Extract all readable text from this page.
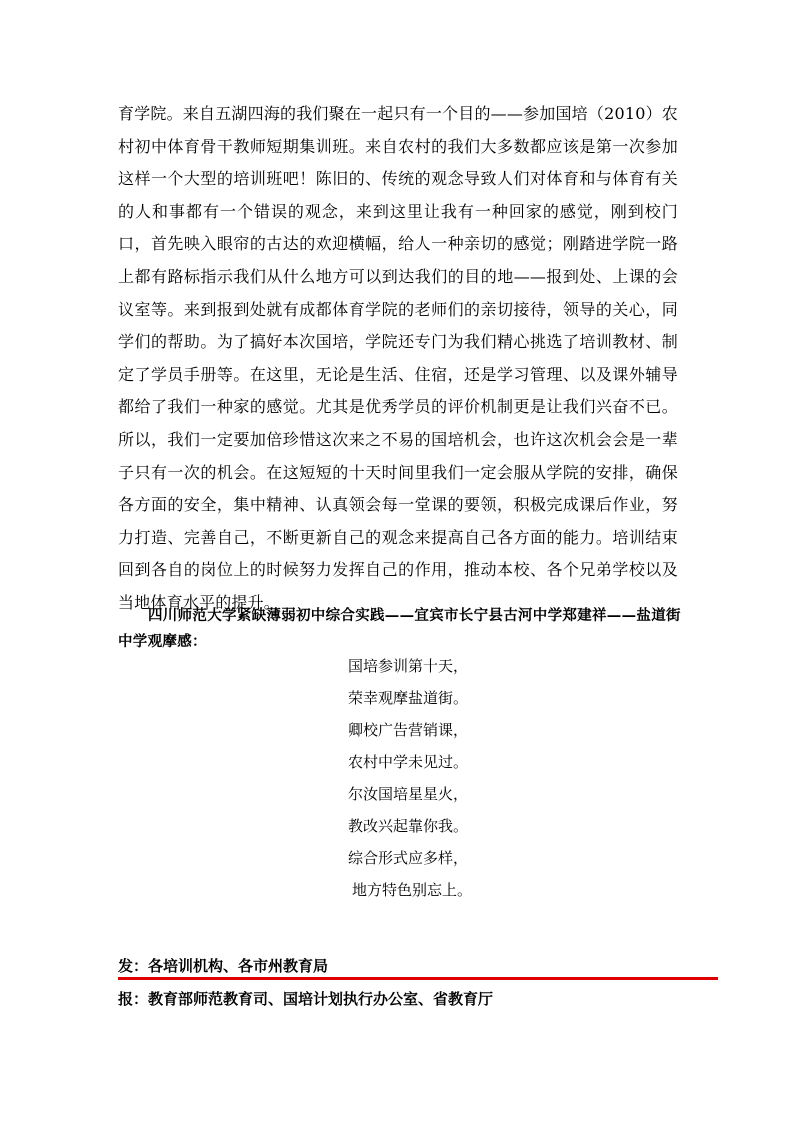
育学院。来自五湖四海的我们聚在一起只有一个目的——参加国培（2010）农村初中体育骨干教师短期集训班。来自农村的我们大多数都应该是第一次参加这样一个大型的培训班吧！陈旧的、传统的观念导致人们对体育和与体育有关的人和事都有一个错误的观念，来到这里让我有一种回家的感觉，刚到校门口，首先映入眼帘的古达的欢迎横幅，给人一种亲切的感觉；刚踏进学院一路上都有路标指示我们从什么地方可以到达我们的目的地——报到处、上课的会议室等。来到报到处就有成都体育学院的老师们的亲切接待，领导的关心，同学们的帮助。为了搞好本次国培，学院还专门为我们精心挑选了培训教材、制定了学员手册等。在这里，无论是生活、住宿，还是学习管理、以及课外辅导都给了我们一种家的感觉。尤其是优秀学员的评价机制更是让我们兴奋不已。所以，我们一定要加倍珍惜这次来之不易的国培机会，也许这次机会会是一辈子只有一次的机会。在这短短的十天时间里我们一定会服从学院的安排，确保各方面的安全，集中精神、认真领会每一堂课的要领，积极完成课后作业，努力打造、完善自己，不断更新自己的观念来提高自己各方面的能力。培训结束回到各自的岗位上的时候努力发挥自己的作用，推动本校、各个兄弟学校以及当地体育水平的提升。

四川师范大学紧缺薄弱初中综合实践——宜宾市长宁县古河中学郑建祥——盐道街中学观摩感：

国培参训第十天，
荣幸观摩盐道街。
卿校广告营销课，
农村中学未见过。
尔汝国培星星火，
教改兴起靠你我。
综合形式应多样，
地方特色别忘上。
发：各培训机构、各市州教育局
报：教育部师范教育司、国培计划执行办公室、省教育厅
